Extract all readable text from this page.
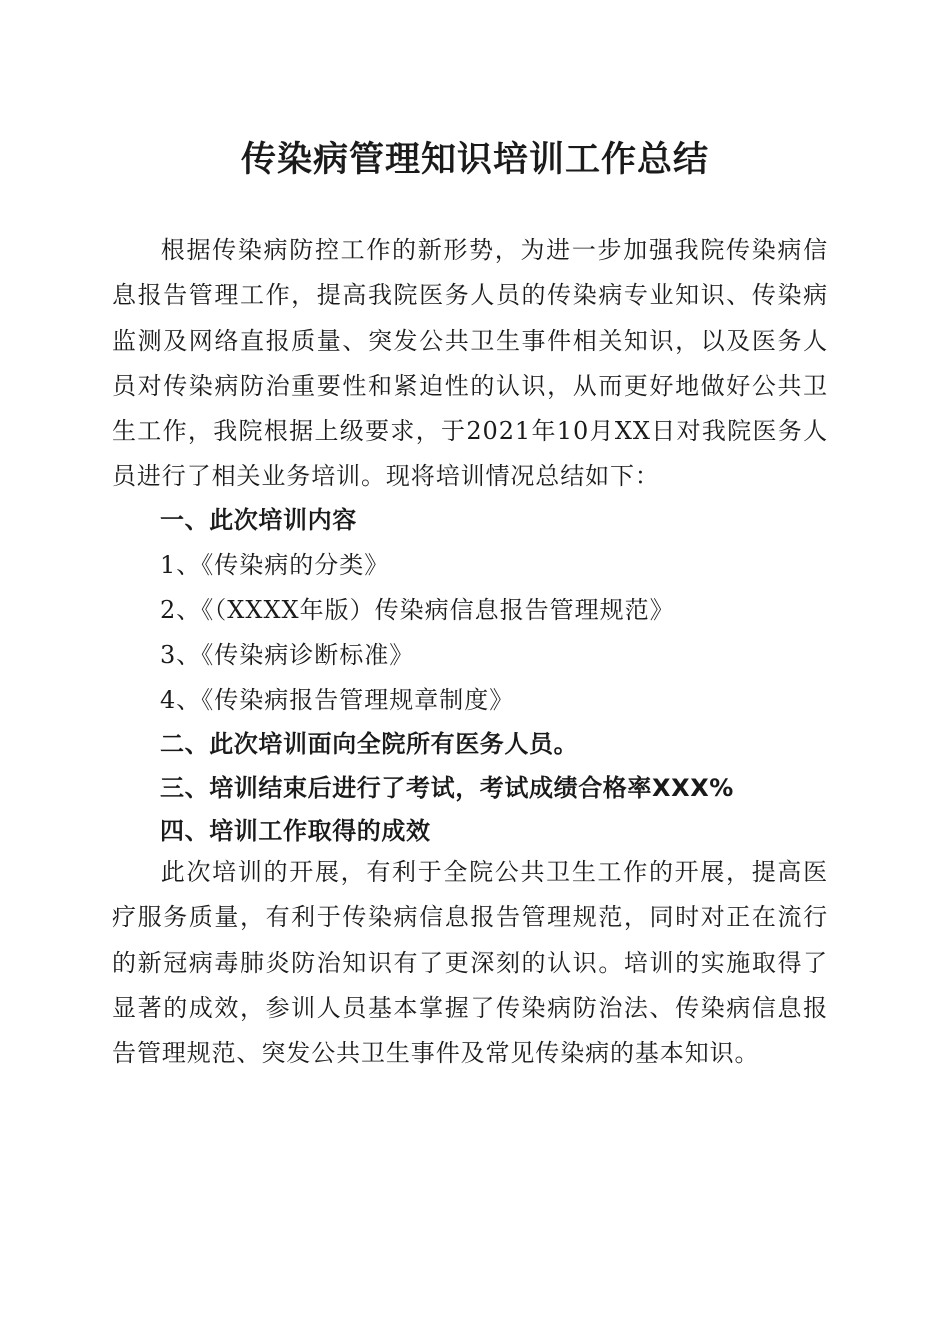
传染病管理知识培训工作总结

根据传染病防控工作的新形势，为进一步加强我院传染病信息报告管理工作，提高我院医务人员的传染病专业知识、传染病监测及网络直报质量、突发公共卫生事件相关知识，以及医务人员对传染病防治重要性和紧迫性的认识，从而更好地做好公共卫生工作，我院根据上级要求，于2021年10月XX日对我院医务人员进行了相关业务培训。现将培训情况总结如下：

一、此次培训内容
1、《传染病的分类》
2、《（XXXX年版）传染病信息报告管理规范》
3、《传染病诊断标准》
4、《传染病报告管理规章制度》
二、此次培训面向全院所有医务人员。
三、培训结束后进行了考试，考试成绩合格率XXX%
四、培训工作取得的成效

此次培训的开展，有利于全院公共卫生工作的开展，提高医疗服务质量，有利于传染病信息报告管理规范，同时对正在流行的新冠病毒肺炎防治知识有了更深刻的认识。培训的实施取得了显著的成效，参训人员基本掌握了传染病防治法、传染病信息报告管理规范、突发公共卫生事件及常见传染病的基本知识。
